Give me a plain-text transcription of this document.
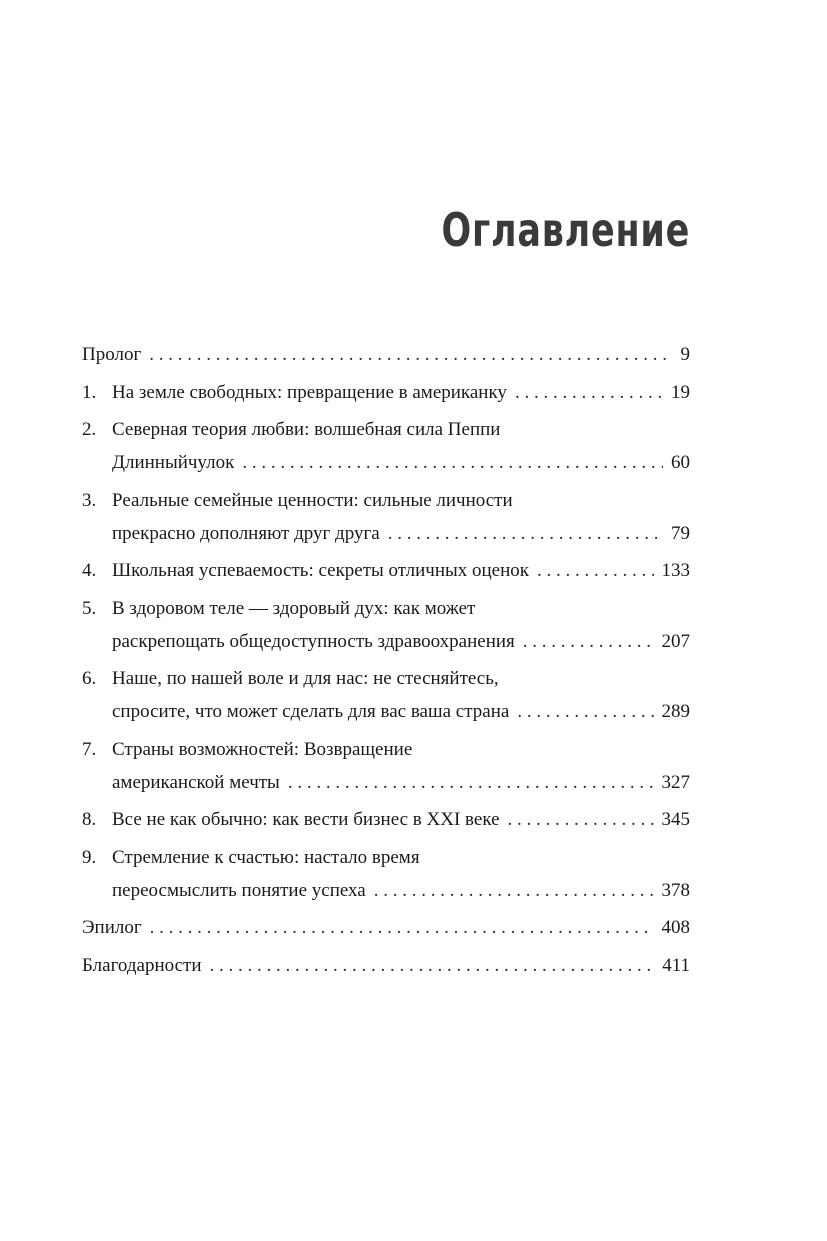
Оглавление
Пролог . . .	9
1. На земле свободных: превращение в американку . . .	19
2. Северная теория любви: волшебная сила Пеппи
Длинныйчулок . . .	60
3. Реальные семейные ценности: сильные личности
прекрасно дополняют друг друга . . .	79
4. Школьная успеваемость: секреты отличных оценок . . .	133
5. В здоровом теле — здоровый дух: как может
раскрепощать общедоступность здравоохранения . . .	207
6. Наше, по нашей воле и для нас: не стесняйтесь,
спросите, что может сделать для вас ваша страна . . .	289
7. Страны возможностей: Возвращение
американской мечты . . .	327
8. Все не как обычно: как вести бизнес в XXI веке . . .	345
9. Стремление к счастью: настало время
переосмыслить понятие успеха . . .	378
Эпилог . . .	408
Благодарности . . .	411
